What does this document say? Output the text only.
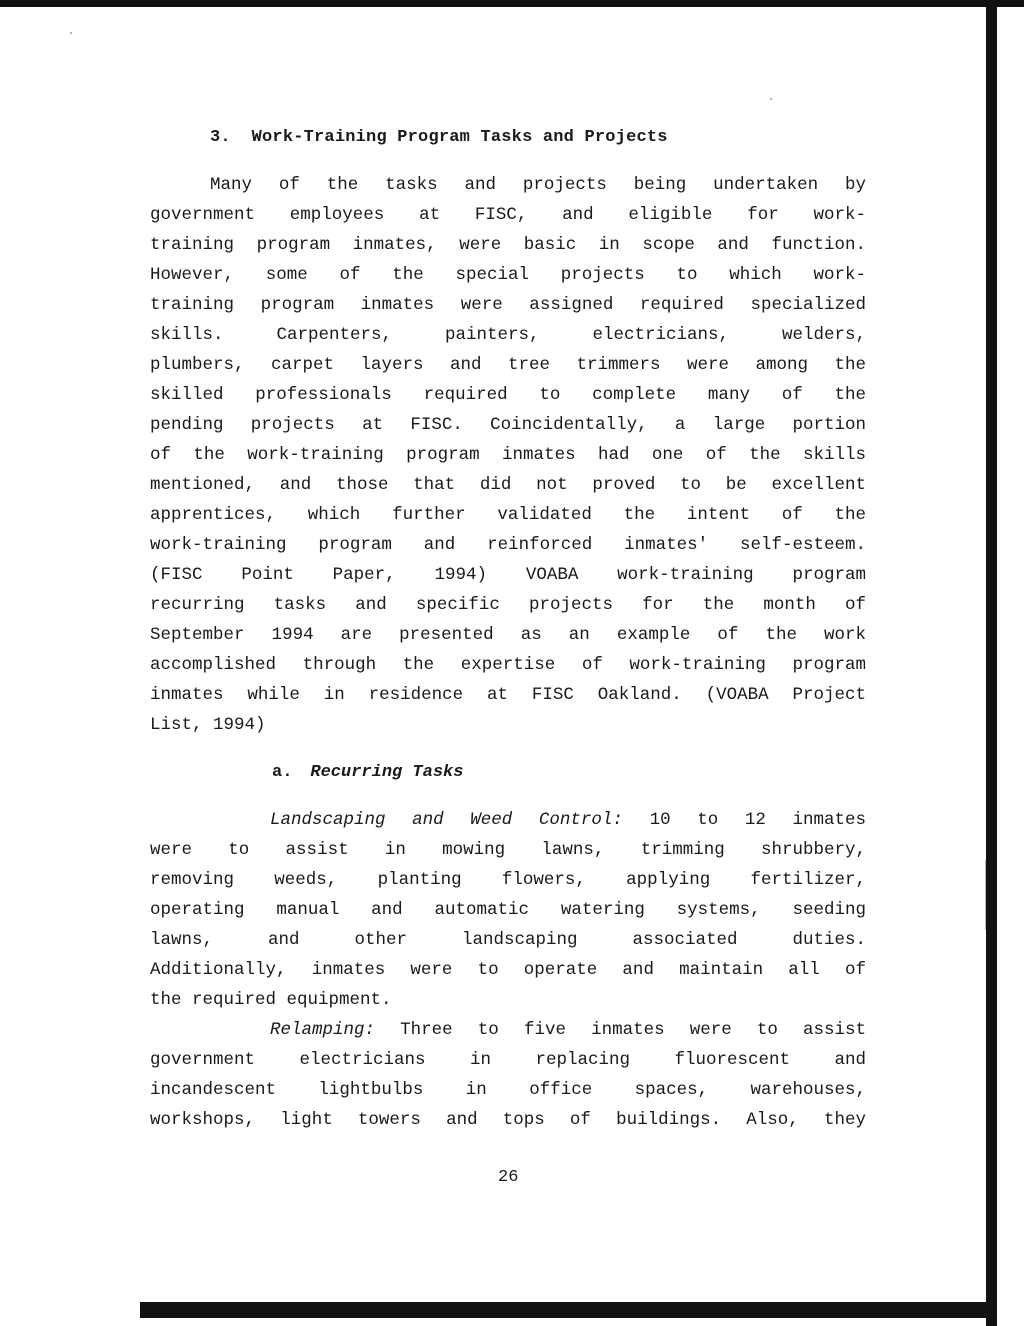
3. Work-Training Program Tasks and Projects
Many of the tasks and projects being undertaken by
government employees at FISC, and eligible for work-
training program inmates, were basic in scope and function.
However, some of the special projects to which work-
training program inmates were assigned required specialized
skills. Carpenters, painters, electricians, welders,
plumbers, carpet layers and tree trimmers were among the
skilled professionals required to complete many of the
pending projects at FISC. Coincidentally, a large portion
of the work-training program inmates had one of the skills
mentioned, and those that did not proved to be excellent
apprentices, which further validated the intent of the
work-training program and reinforced inmates' self-esteem.
(FISC Point Paper, 1994) VOABA work-training program
recurring tasks and specific projects for the month of
September 1994 are presented as an example of the work
accomplished through the expertise of work-training program
inmates while in residence at FISC Oakland. (VOABA Project
List, 1994)
a. Recurring Tasks
Landscaping and Weed Control: 10 to 12 inmates
were to assist in mowing lawns, trimming shrubbery,
removing weeds, planting flowers, applying fertilizer,
operating manual and automatic watering systems, seeding
lawns, and other landscaping associated duties.
Additionally, inmates were to operate and maintain all of
the required equipment.
Relamping: Three to five inmates were to assist
government electricians in replacing fluorescent and
incandescent lightbulbs in office spaces, warehouses,
workshops, light towers and tops of buildings. Also, they
26
